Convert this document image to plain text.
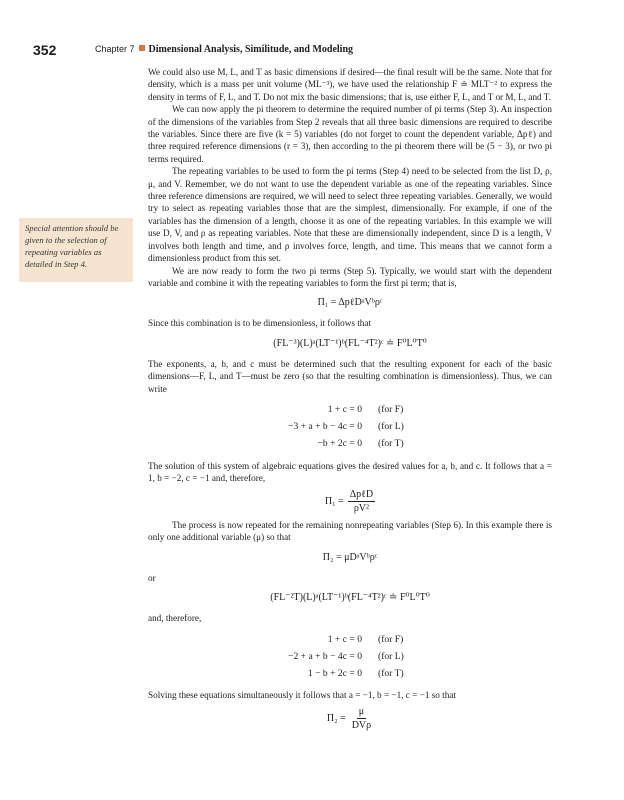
352	Chapter 7 Dimensional Analysis, Similitude, and Modeling
Special attention should be given to the selection of repeating variables as detailed in Step 4.

We could also use M, L, and T as basic dimensions if desired—the final result will be the same. Note that for density, which is a mass per unit volume (ML⁻³), we have used the relationship F ≐ MLT⁻² to express the density in terms of F, L, and T. Do not mix the basic dimensions; that is, use either F, L, and T or M, L, and T.

We can now apply the pi theorem to determine the required number of pi terms (Step 3). An inspection of the dimensions of the variables from Step 2 reveals that all three basic dimensions are required to describe the variables. Since there are five (k = 5) variables (do not forget to count the dependent variable, Δpℓ) and three required reference dimensions (r = 3), then according to the pi theorem there will be (5 − 3), or two pi terms required.

The repeating variables to be used to form the pi terms (Step 4) need to be selected from the list D, ρ, μ, and V. Remember, we do not want to use the dependent variable as one of the repeating variables. Since three reference dimensions are required, we will need to select three repeating variables. Generally, we would try to select as repeating variables those that are the simplest, dimensionally. For example, if one of the variables has the dimension of a length, choose it as one of the repeating variables. In this example we will use D, V, and ρ as repeating variables. Note that these are dimensionally independent, since D is a length, V involves both length and time, and ρ involves force, length, and time. This means that we cannot form a dimensionless product from this set.

We are now ready to form the two pi terms (Step 5). Typically, we would start with the dependent variable and combine it with the repeating variables to form the first pi term; that is,

Π₁ = ΔpℓDᵃVᵇρᶜ

Since this combination is to be dimensionless, it follows that

(FL⁻³)(L)ᵃ(LT⁻¹)ᵇ(FL⁻⁴T²)ᶜ ≐ F⁰L⁰T⁰

The exponents, a, b, and c must be determined such that the resulting exponent for each of the basic dimensions—F, L, and T—must be zero (so that the resulting combination is dimensionless). Thus, we can write

1 + c = 0	(for F)
−3 + a + b − 4c = 0	(for L)
−b + 2c = 0	(for T)

The solution of this system of algebraic equations gives the desired values for a, b, and c. It follows that a = 1, b = −2, c = −1 and, therefore,

$\Pi_1 = \frac{\text{ΔpℓD}}{\text{ρV²}}$

The process is now repeated for the remaining nonrepeating variables (Step 6). In this example there is only one additional variable (μ) so that

Π₂ = μDᵃVᵇρᶜ

or

(FL⁻²T)(L)ᵃ(LT⁻¹)ᵇ(FL⁻⁴T²)ᶜ ≐ F⁰L⁰T⁰

and, therefore,

1 + c = 0	(for F)
−2 + a + b − 4c = 0	(for L)
1 − b + 2c = 0	(for T)

Solving these equations simultaneously it follows that a = −1, b = −1, c = −1 so that

$\Pi_2 = \frac{\mu}{\text{DVρ}}$
